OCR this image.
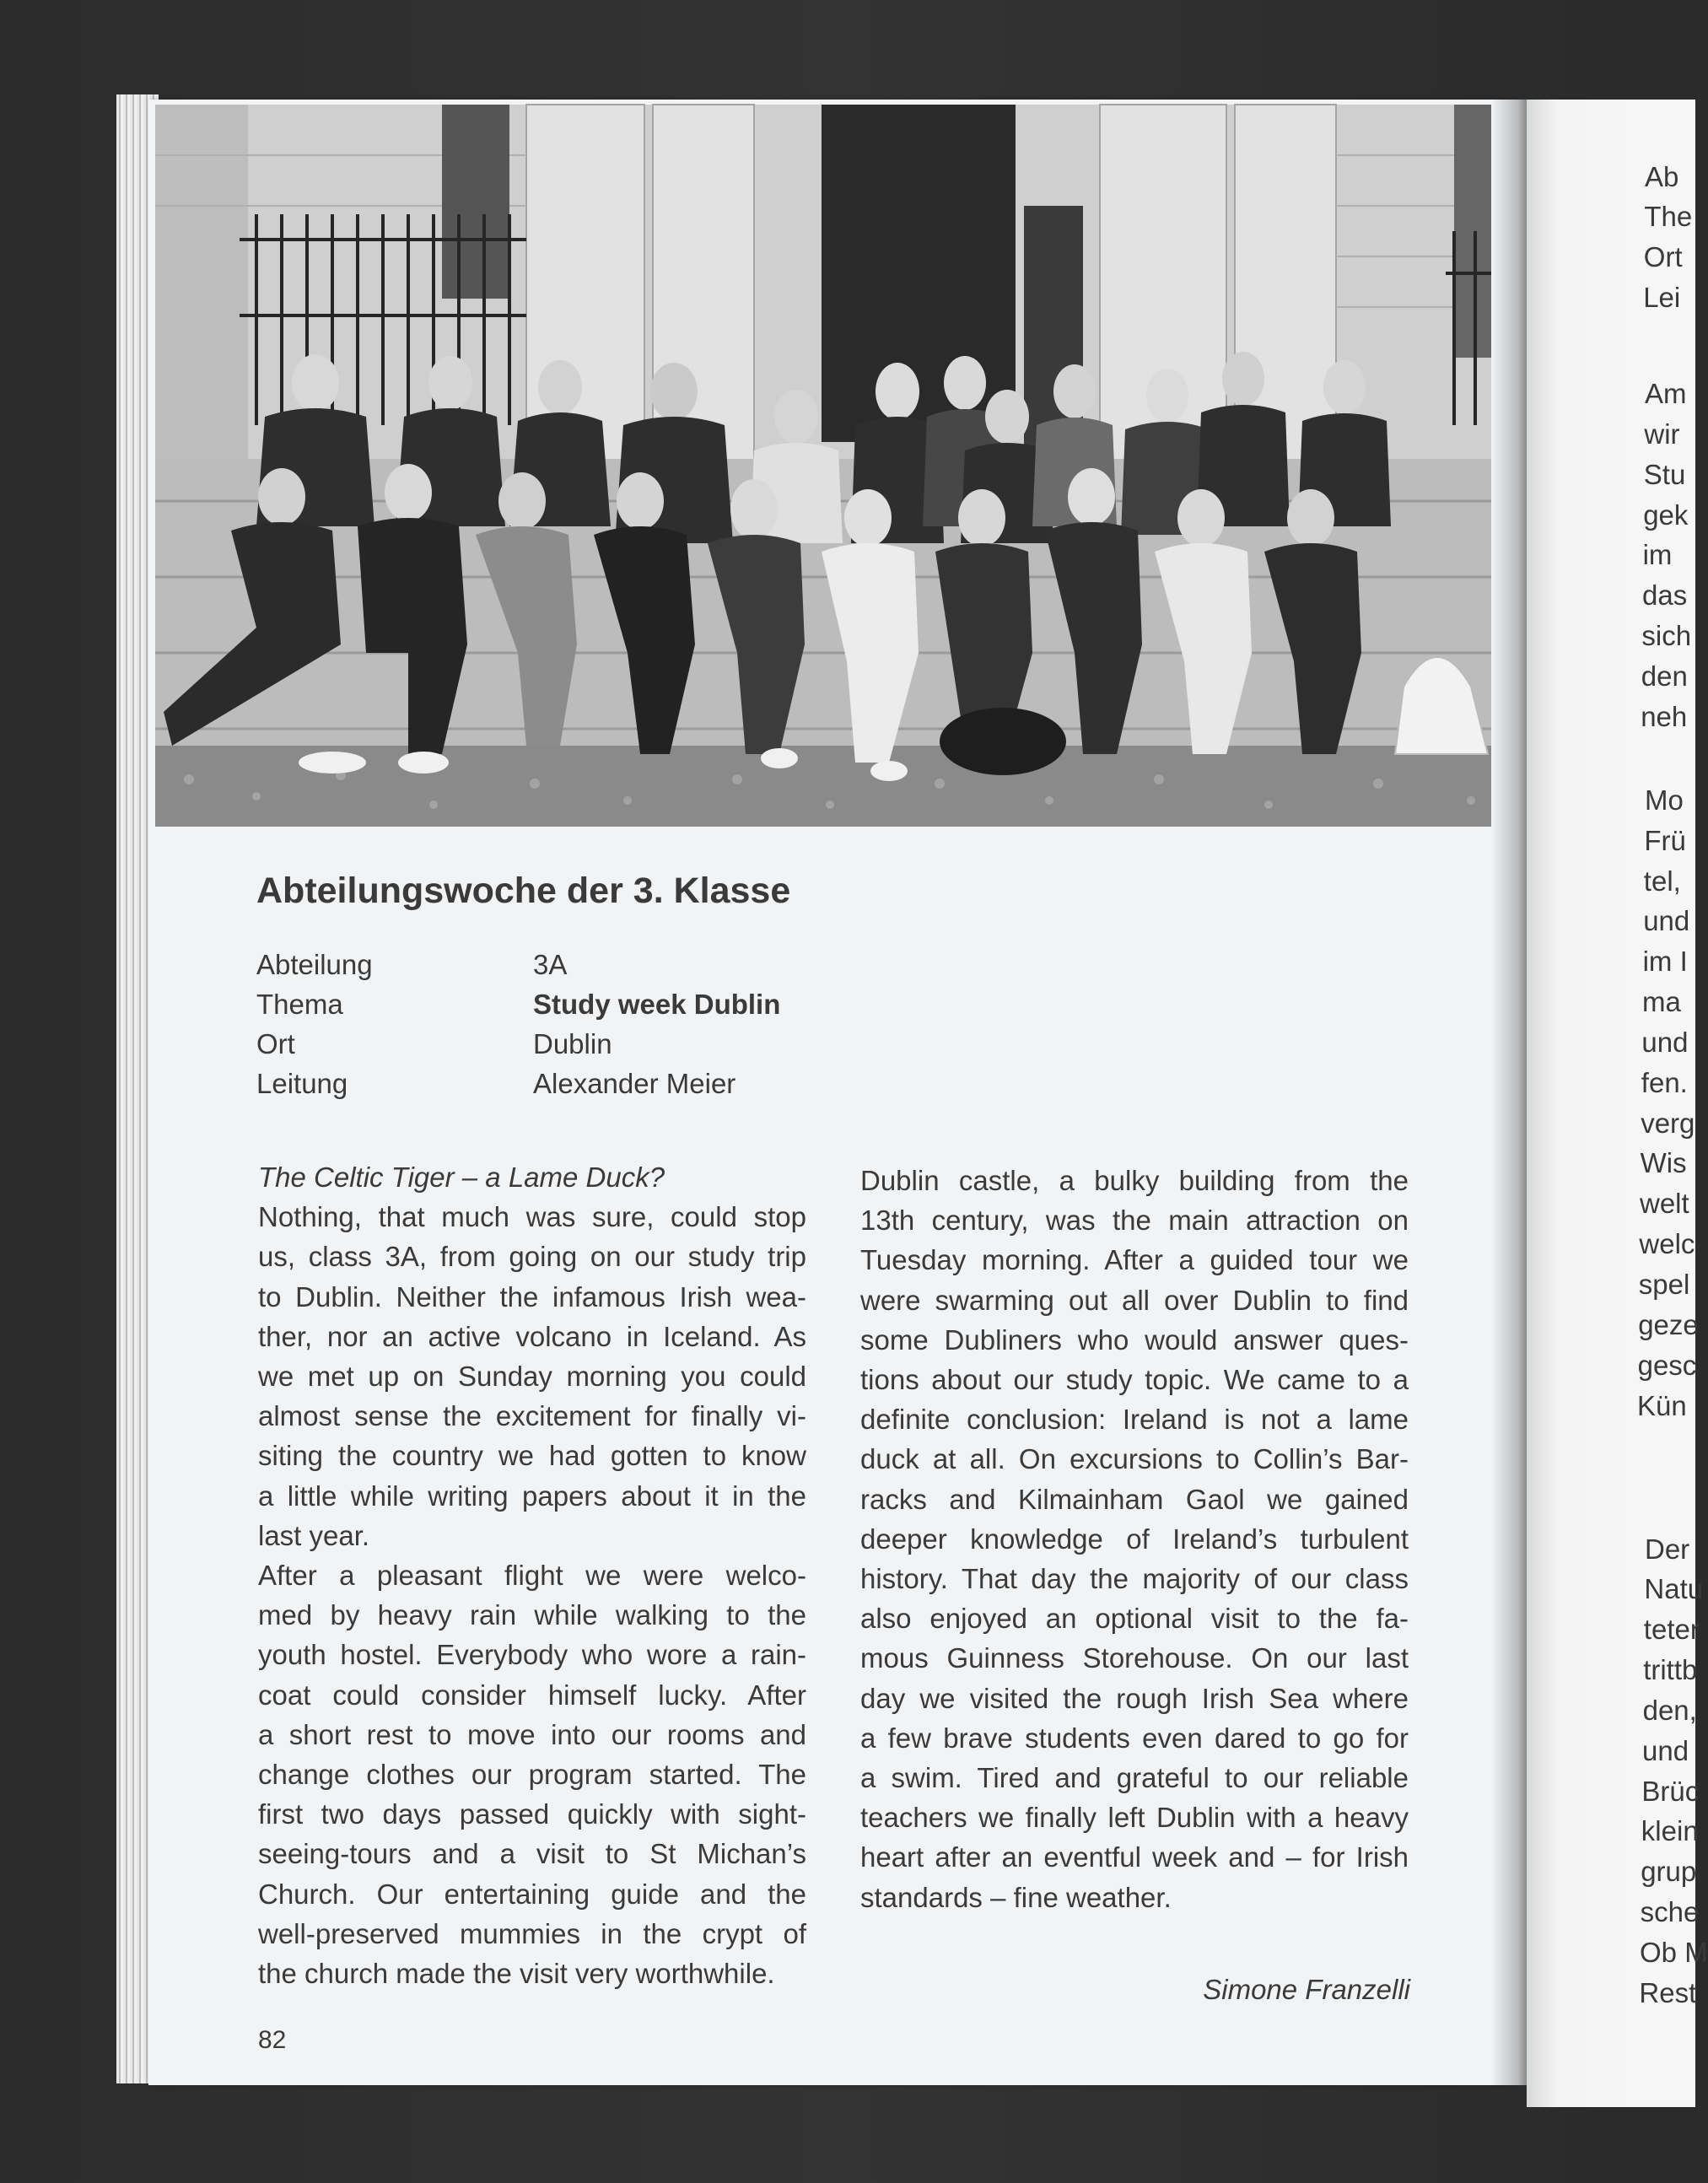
Abteilungswoche der 3. Klasse
Abteilung	3A
Thema	Study week Dublin
Ort	Dublin
Leitung	Alexander Meier

The Celtic Tiger – a Lame Duck?

Nothing, that much was sure, could stop
us, class 3A, from going on our study trip
to Dublin. Neither the infamous Irish wea-
ther, nor an active volcano in Iceland. As
we met up on Sunday morning you could
almost sense the excitement for finally vi-
siting the country we had gotten to know
a little while writing papers about it in the
last year.
After a pleasant flight we were welco-
med by heavy rain while walking to the
youth hostel. Everybody who wore a rain-
coat could consider himself lucky. After
a short rest to move into our rooms and
change clothes our program started. The
first two days passed quickly with sight-
seeing-tours and a visit to St Michan’s
Church. Our entertaining guide and the
well-preserved mummies in the crypt of
the church made the visit very worthwhile.
Dublin castle, a bulky building from the
13th century, was the main attraction on
Tuesday morning. After a guided tour we
were swarming out all over Dublin to find
some Dubliners who would answer ques-
tions about our study topic. We came to a
definite conclusion: Ireland is not a lame
duck at all. On excursions to Collin’s Bar-
racks and Kilmainham Gaol we gained
deeper knowledge of Ireland’s turbulent
history. That day the majority of our class
also enjoyed an optional visit to the fa-
mous Guinness Storehouse. On our last
day we visited the rough Irish Sea where
a few brave students even dared to go for
a swim. Tired and grateful to our reliable
teachers we finally left Dublin with a heavy
heart after an eventful week and – for Irish
standards – fine weather.
Simone Franzelli
82
Ab
The
Ort
Lei
Am
wir
Stu
gek
im
das
sich
den
neh
Mo
Frü
tel,
und
im I
ma
und
fen.
verg
Wis
welt
welc
spel
geze
gesc
Kün
Der
Natu
teter
trittb
den,
und
Brüc
klein
grup
sche
Ob M
Rest
